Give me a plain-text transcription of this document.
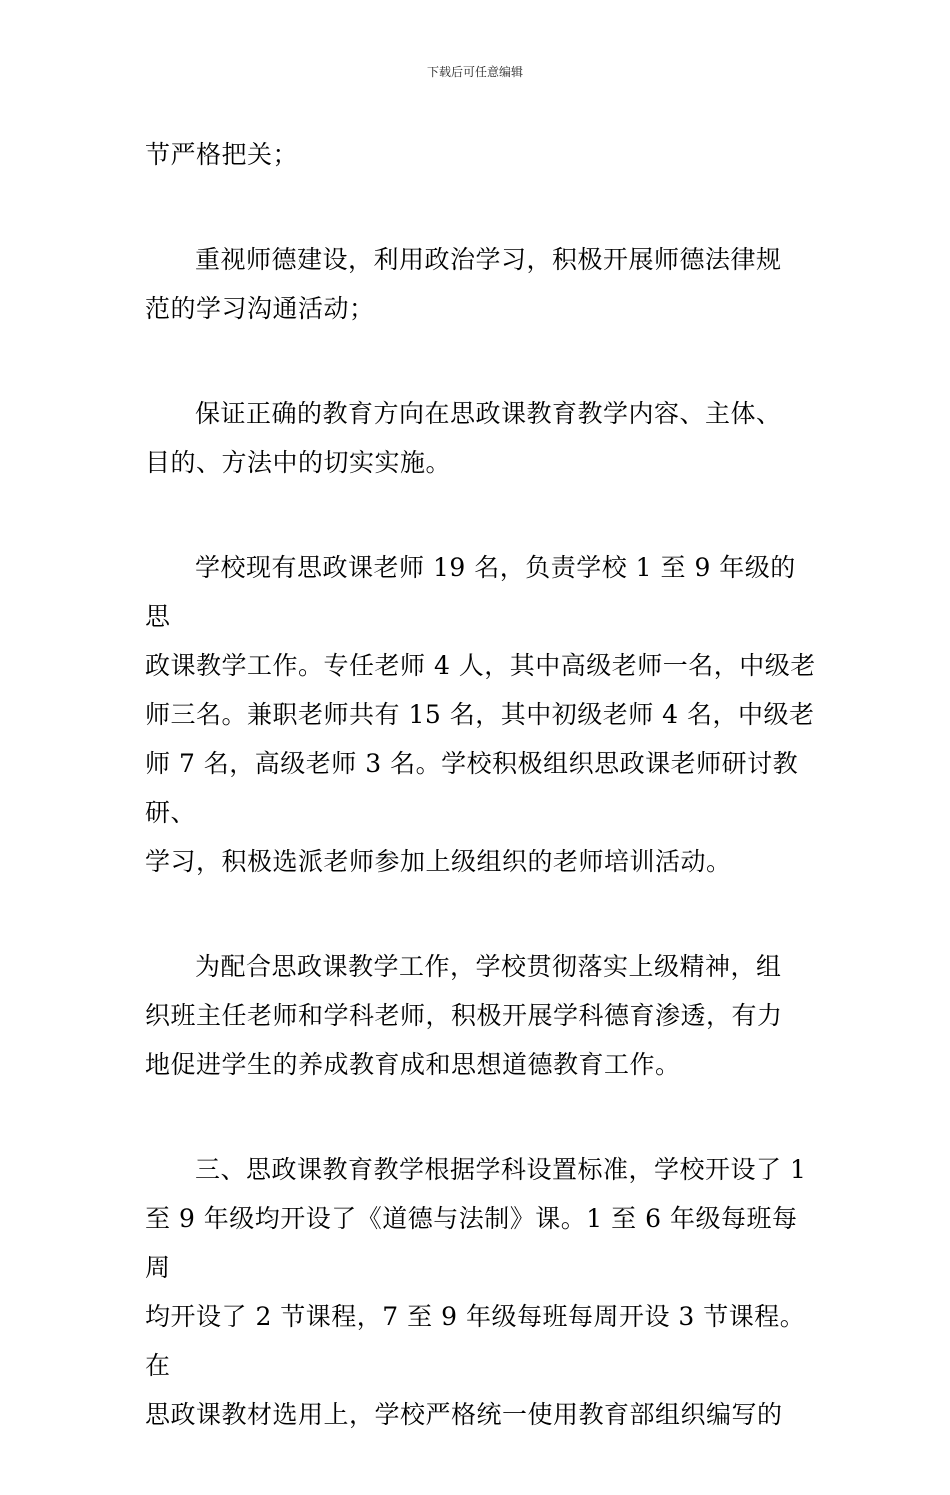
下载后可任意编辑

节严格把关；

重视师德建设，利用政治学习，积极开展师德法律规
范的学习沟通活动；

保证正确的教育方向在思政课教育教学内容、主体、
目的、方法中的切实实施。

学校现有思政课老师 19 名，负责学校 1 至 9 年级的思
政课教学工作。专任老师 4 人，其中高级老师一名，中级老
师三名。兼职老师共有 15 名，其中初级老师 4 名，中级老
师 7 名，高级老师 3 名。学校积极组织思政课老师研讨教研、
学习，积极选派老师参加上级组织的老师培训活动。

为配合思政课教学工作，学校贯彻落实上级精神，组
织班主任老师和学科老师，积极开展学科德育渗透，有力
地促进学生的养成教育成和思想道德教育工作。

三、思政课教育教学根据学科设置标准，学校开设了 1
至 9 年级均开设了《道德与法制》课。1 至 6 年级每班每周
均开设了 2 节课程，7 至 9 年级每班每周开设 3 节课程。在
思政课教材选用上，学校严格统一使用教育部组织编写的
